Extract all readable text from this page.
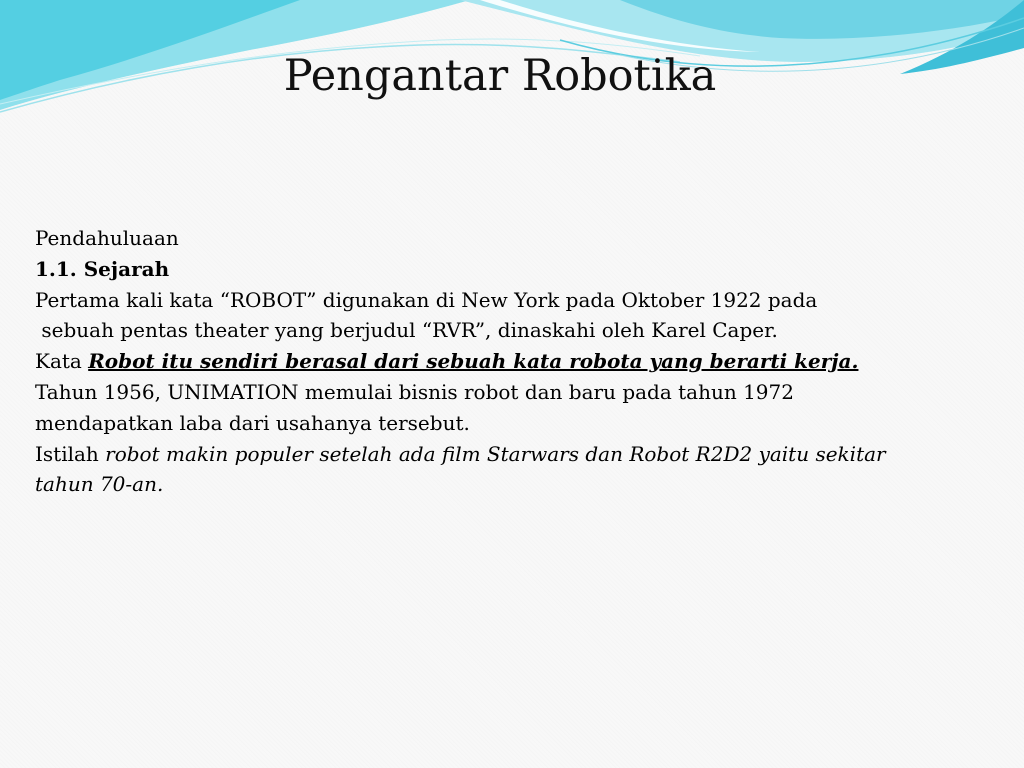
Pengantar Robotika
Pendahuluaan
1.1. Sejarah
Pertama kali kata “ROBOT” digunakan di New York pada Oktober 1922 pada
sebuah pentas theater yang berjudul “RVR”, dinaskahi oleh Karel Caper.
Kata Robot itu sendiri berasal dari sebuah kata robota yang berarti kerja.
Tahun 1956, UNIMATION memulai bisnis robot dan baru pada tahun 1972
mendapatkan laba dari usahanya tersebut.
Istilah robot makin populer setelah ada film Starwars dan Robot R2D2 yaitu sekitar
tahun 70-an.
